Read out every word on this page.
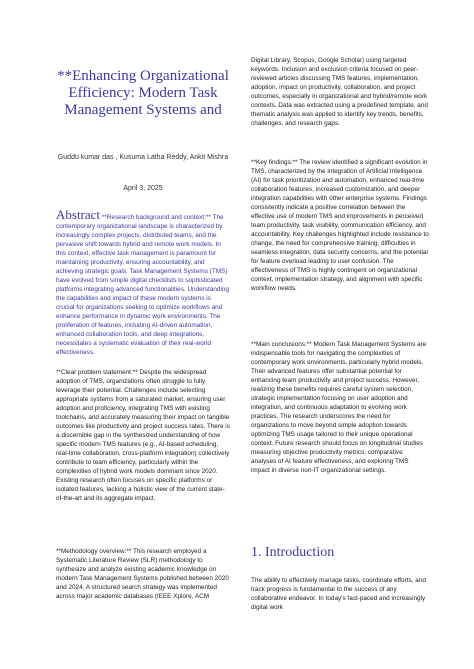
**Enhancing Organizational Efficiency: Modern Task Management Systems and
Guddu kumar das , Kusuma Latha Reddy, Ankit Mishra
April 3, 2025
Abstract **Research background and context:** The contemporary organizational landscape is characterized by increasingly complex projects, distributed teams, and the pervasive shift towards hybrid and remote work models. In this context, effective task management is paramount for maintaining productivity, ensuring accountability, and achieving strategic goals. Task Management Systems (TMS) have evolved from simple digital checklists to sophisticated platforms integrating advanced functionalities. Understanding the capabilities and impact of these modern systems is crucial for organizations seeking to optimize workflows and enhance performance in dynamic work environments. The proliferation of features, including AI-driven automation, enhanced collaboration tools, and deep integrations, necessitates a systematic evaluation of their real-world effectiveness.
**Clear problem statement:** Despite the widespread adoption of TMS, organizations often struggle to fully leverage their potential. Challenges include selecting appropriate systems from a saturated market, ensuring user adoption and proficiency, integrating TMS with existing toolchains, and accurately measuring their impact on tangible outcomes like productivity and project success rates. There is a discernible gap in the synthesized understanding of how specific modern TMS features (e.g., AI-based scheduling, real-time collaboration, cross-platform integration) collectively contribute to team efficiency, particularly within the complexities of hybrid work models dominant since 2020. Existing research often focuses on specific platforms or isolated features, lacking a holistic view of the current state-of-the-art and its aggregate impact.
**Methodology overview:** This research employed a Systematic Literature Review (SLR) methodology to synthesize and analyze existing academic knowledge on modern Task Management Systems published between 2020 and 2024. A structured search strategy was implemented across major academic databases (IEEE Xplore, ACM
Digital Library, Scopus, Google Scholar) using targeted keywords. Inclusion and exclusion criteria focused on peer-reviewed articles discussing TMS features, implementation, adoption, impact on productivity, collaboration, and project outcomes, especially in organizational and hybrid/remote work contexts. Data was extracted using a predefined template, and thematic analysis was applied to identify key trends, benefits, challenges, and research gaps.
**Key findings:** The review identified a significant evolution in TMS, characterized by the integration of Artificial Intelligence (AI) for task prioritization and automation, enhanced real-time collaboration features, increased customization, and deeper integration capabilities with other enterprise systems. Findings consistently indicate a positive correlation between the effective use of modern TMS and improvements in perceived team productivity, task visibility, communication efficiency, and accountability. Key challenges highlighted include resistance to change, the need for comprehensive training, difficulties in seamless integration, data security concerns, and the potential for feature overload leading to user confusion. The effectiveness of TMS is highly contingent on organizational context, implementation strategy, and alignment with specific workflow needs.
**Main conclusions:** Modern Task Management Systems are indispensable tools for navigating the complexities of contemporary work environments, particularly hybrid models. Their advanced features offer substantial potential for enhancing team productivity and project success. However, realizing these benefits requires careful system selection, strategic implementation focusing on user adoption and integration, and continuous adaptation to evolving work practices. The research underscores the need for organizations to move beyond simple adoption towards optimizing TMS usage tailored to their unique operational context. Future research should focus on longitudinal studies measuring objective productivity metrics, comparative analyses of AI feature effectiveness, and exploring TMS impact in diverse non-IT organizational settings.
1. Introduction
The ability to effectively manage tasks, coordinate efforts, and track progress is fundamental to the success of any collaborative endeavor. In today's fast-paced and increasingly digital work
